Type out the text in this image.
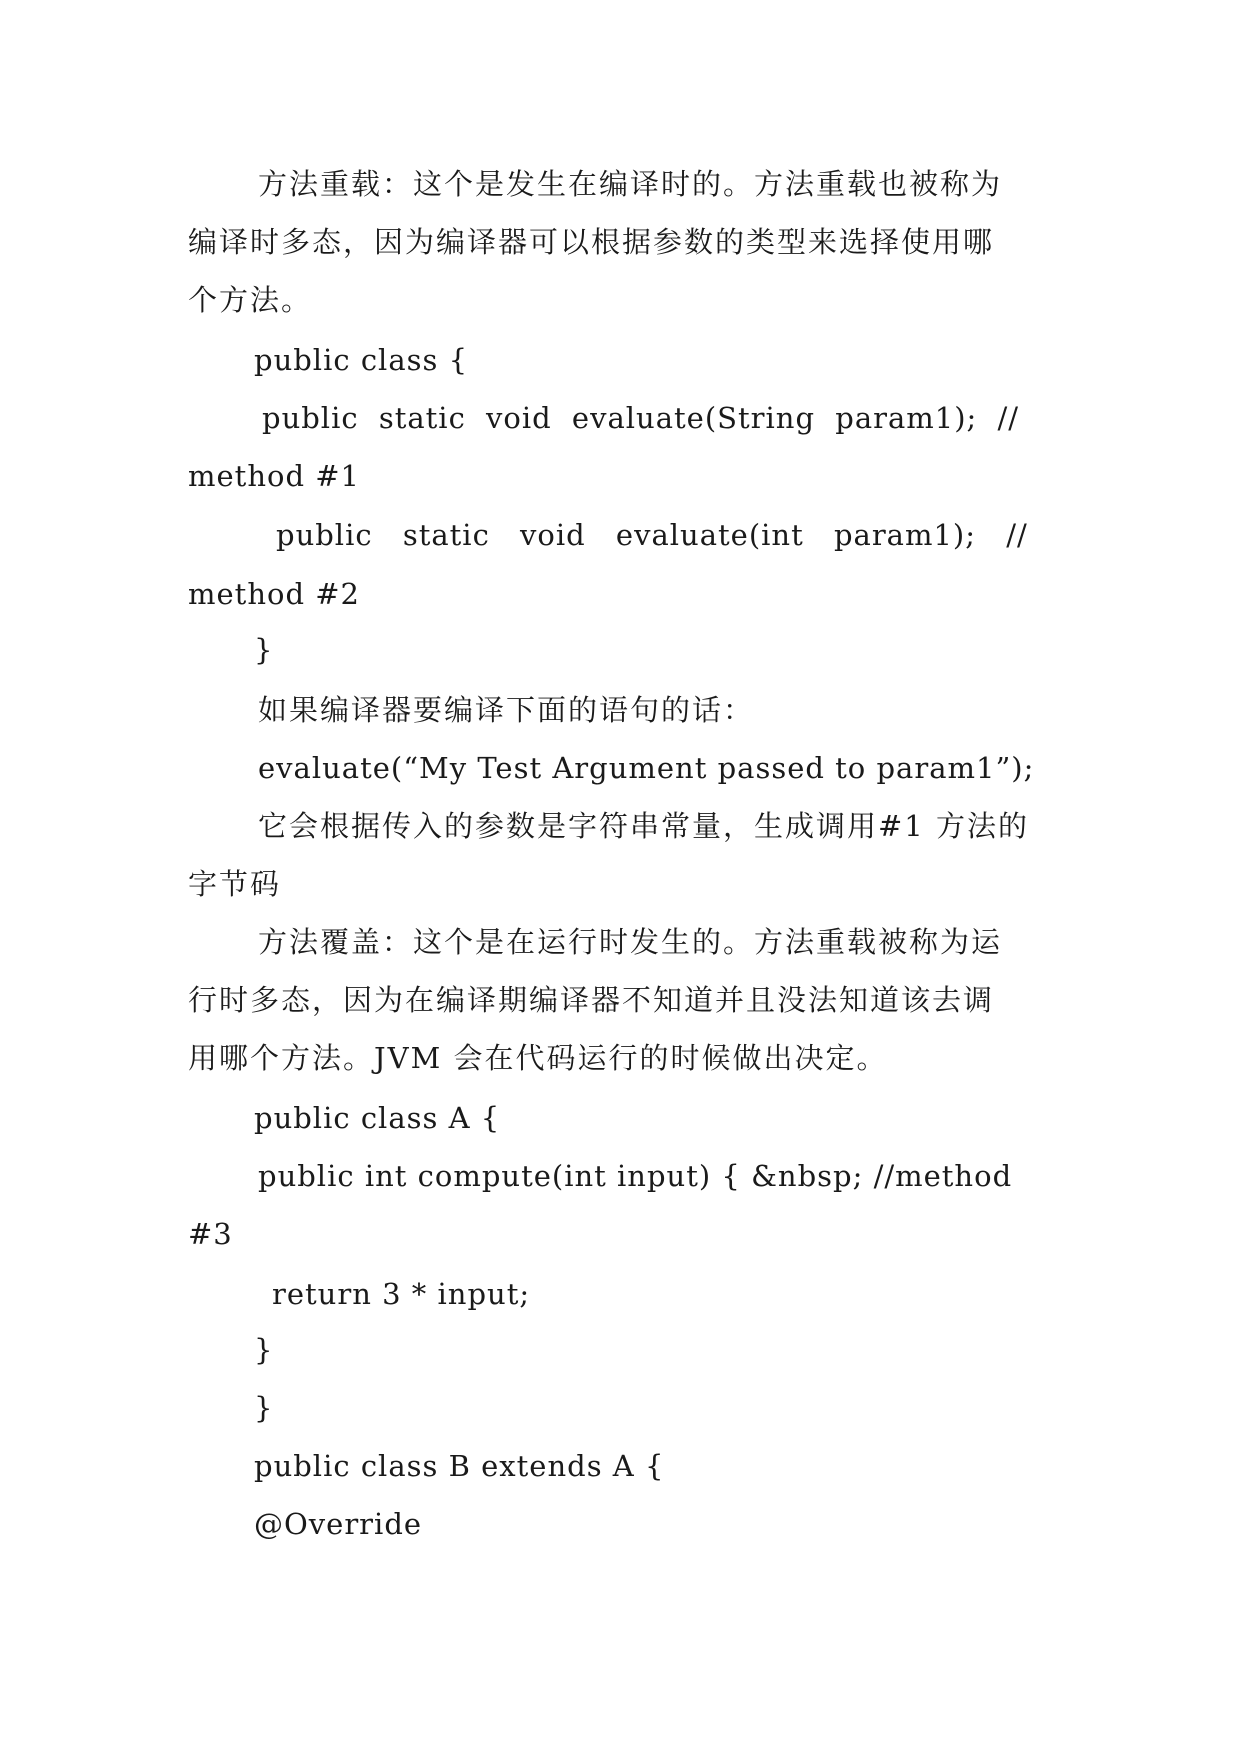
方法重载：这个是发生在编译时的。方法重载也被称为
编译时多态，因为编译器可以根据参数的类型来选择使用哪
个方法。
public class {
public static void evaluate(String param1); //
method #1
public static void evaluate(int param1); //
method #2
}
如果编译器要编译下面的语句的话：
evaluate(“My Test Argument passed to param1”);
它会根据传入的参数是字符串常量，生成调用#1 方法的
字节码
方法覆盖：这个是在运行时发生的。方法重载被称为运
行时多态，因为在编译期编译器不知道并且没法知道该去调
用哪个方法。JVM 会在代码运行的时候做出决定。
public class A {
public int compute(int input) { &nbsp; //method
#3
return 3 * input;
}
}
public class B extends A {
@Override
